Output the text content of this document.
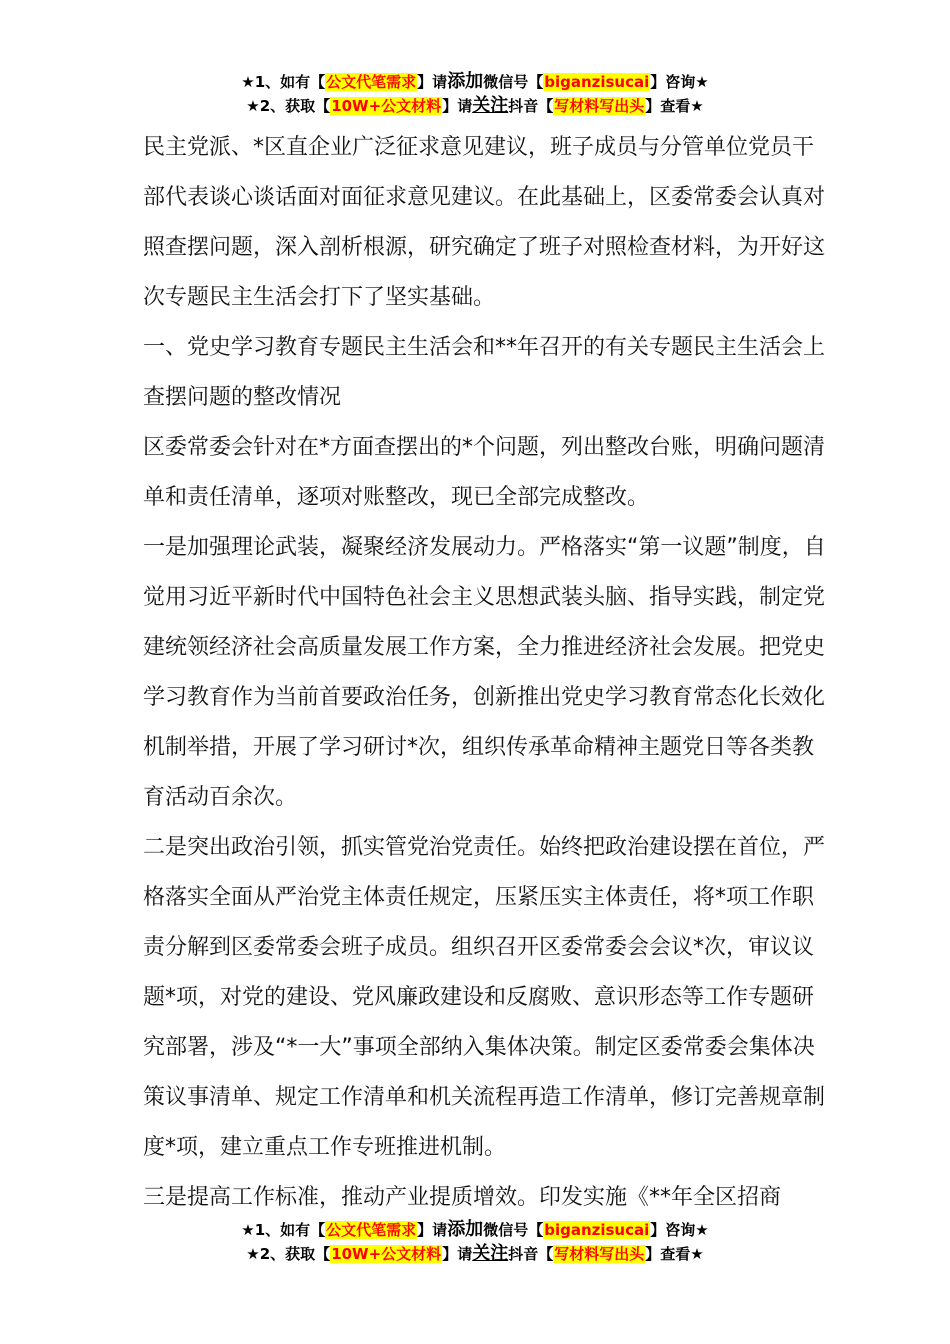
★1、如有【公文代笔需求】请添加微信号【biganzisucai】咨询★
★2、获取【10W+公文材料】请关注抖音【写材料写出头】查看★

民主党派、*区直企业广泛征求意见建议，班子成员与分管单位党员干部代表谈心谈话面对面征求意见建议。在此基础上，区委常委会认真对照查摆问题，深入剖析根源，研究确定了班子对照检查材料，为开好这次专题民主生活会打下了坚实基础。

一、党史学习教育专题民主生活会和**年召开的有关专题民主生活会上查摆问题的整改情况

区委常委会针对在*方面查摆出的*个问题，列出整改台账，明确问题清单和责任清单，逐项对账整改，现已全部完成整改。

一是加强理论武装，凝聚经济发展动力。严格落实“第一议题”制度，自觉用习近平新时代中国特色社会主义思想武装头脑、指导实践，制定党建统领经济社会高质量发展工作方案，全力推进经济社会发展。把党史学习教育作为当前首要政治任务，创新推出党史学习教育常态化长效化机制举措，开展了学习研讨*次，组织传承革命精神主题党日等各类教育活动百余次。

二是突出政治引领，抓实管党治党责任。始终把政治建设摆在首位，严格落实全面从严治党主体责任规定，压紧压实主体责任，将*项工作职责分解到区委常委会班子成员。组织召开区委常委会会议*次，审议议题*项，对党的建设、党风廉政建设和反腐败、意识形态等工作专题研究部署，涉及“*一大”事项全部纳入集体决策。制定区委常委会集体决策议事清单、规定工作清单和机关流程再造工作清单，修订完善规章制度*项，建立重点工作专班推进机制。

三是提高工作标准，推动产业提质增效。印发实施《**年全区招商

★1、如有【公文代笔需求】请添加微信号【biganzisucai】咨询★
★2、获取【10W+公文材料】请关注抖音【写材料写出头】查看★
